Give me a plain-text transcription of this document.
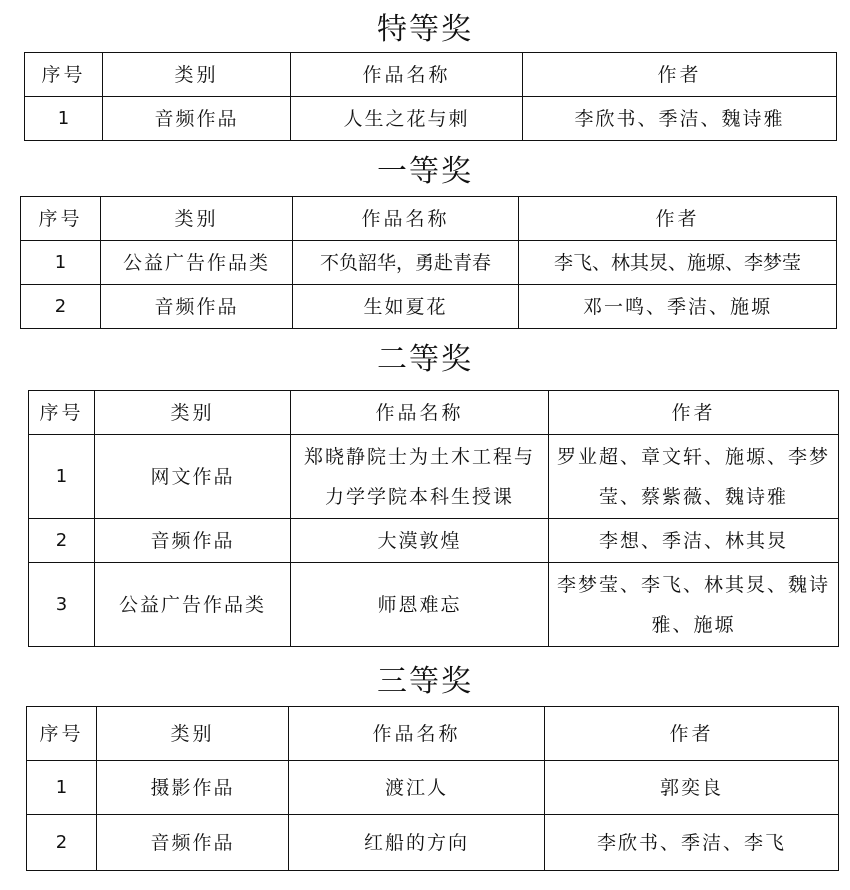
特等奖
序号	类别	作品名称	作者
1	音频作品	人生之花与刺	李欣书、季洁、魏诗雅
一等奖
序号	类别	作品名称	作者
1	公益广告作品类	不负韶华，勇赴青春	李飞、林其炅、施塬、李梦莹
2	音频作品	生如夏花	邓一鸣、季洁、施塬
二等奖
序号	类别	作品名称	作者
1	网文作品	郑晓静院士为土木工程与力学学院本科生授课	罗业超、章文轩、施塬、李梦莹、蔡紫薇、魏诗雅
2	音频作品	大漠敦煌	李想、季洁、林其炅
3	公益广告作品类	师恩难忘	李梦莹、李飞、林其炅、魏诗雅、施塬
三等奖
序号	类别	作品名称	作者
1	摄影作品	渡江人	郭奕良
2	音频作品	红船的方向	李欣书、季洁、李飞
